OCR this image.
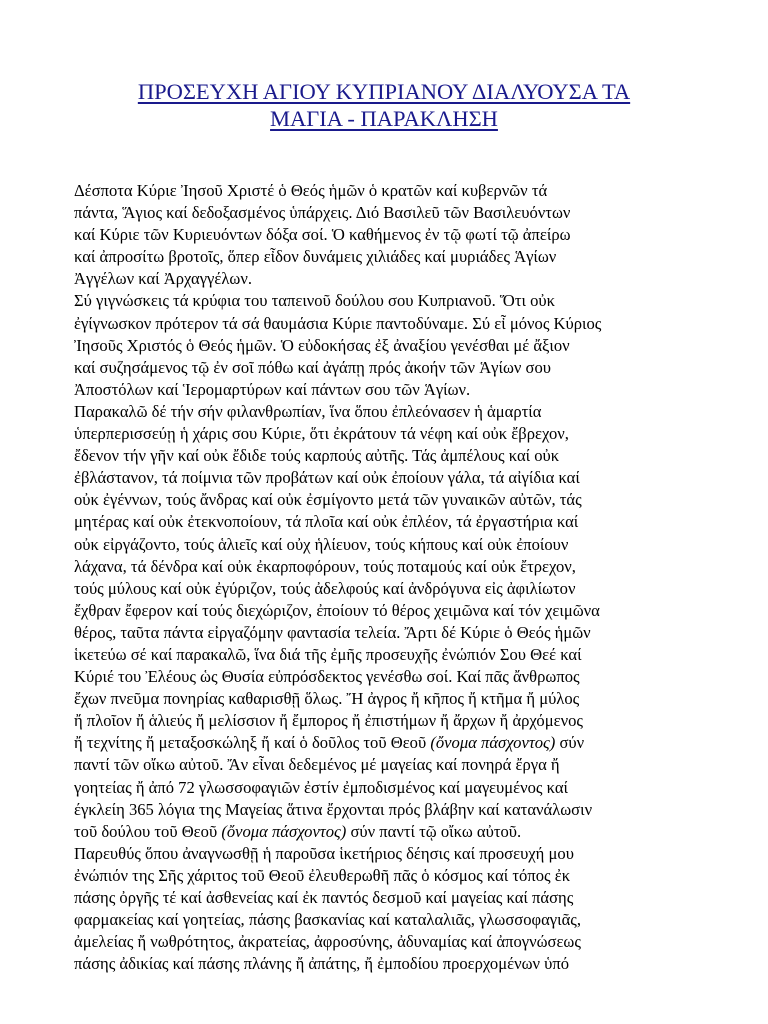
ΠΡΟΣΕΥΧΗ ΑΓΙΟΥ ΚΥΠΡΙΑΝΟΥ ΔΙΑΛΥΟΥΣΑ ΤΑ
ΜΑΓΙΑ - ΠΑΡΑΚΛΗΣΗ
Δέσποτα Κύριε Ἰησοῦ Χριστέ ὁ Θεός ἡμῶν ὁ κρατῶν καί κυβερνῶν τά
πάντα, Ἅγιος καί δεδοξασμένος ὑπάρχεις. Διό Βασιλεῦ τῶν Βασιλευόντων
καί Κύριε τῶν Κυριευόντων δόξα σοί. Ὁ καθήμενος ἐν τῷ φωτί τῷ ἀπείρω
καί ἀπροσίτω βροτοῖς, ὅπερ εἶδον δυνάμεις χιλιάδες καί μυριάδες Ἁγίων
Ἀγγέλων καί Ἀρχαγγέλων.
Σύ γιγνώσκεις τά κρύφια του ταπεινοῦ δούλου σου Κυπριανοῦ. Ὅτι οὐκ
ἐγίγνωσκον πρότερον τά σά θαυμάσια Κύριε παντοδύναμε. Σύ εἶ μόνος Κύριος
Ἰησοῦς Χριστός ὁ Θεός ἡμῶν. Ὁ εὐδοκήσας ἐξ ἀναξίου γενέσθαι μέ ἄξιον
καί συζησάμενος τῷ ἐν σοῖ πόθω καί ἀγάπῃ πρός ἀκοήν τῶν Ἁγίων σου
Ἀποστόλων καί Ἱερομαρτύρων καί πάντων σου τῶν Ἁγίων.
Παρακαλῶ δέ τήν σήν φιλανθρωπίαν, ἵνα ὅπου ἐπλεόνασεν ἡ ἁμαρτία
ὑπερπερισσεύῃ ἡ χάρις σου Κύριε, ὅτι ἐκράτουν τά νέφη καί οὐκ ἔβρεχον,
ἔδενον τήν γῆν καί οὐκ ἔδιδε τούς καρπούς αὐτῆς. Τάς ἀμπέλους καί οὐκ
ἐβλάστανον, τά ποίμνια τῶν προβάτων καί οὐκ ἐποίουν γάλα, τά αἰγίδια καί
οὐκ ἐγέννων, τούς ἄνδρας καί οὐκ ἐσμίγοντο μετά τῶν γυναικῶν αὐτῶν, τάς
μητέρας καί οὐκ ἐτεκνοποίουν, τά πλοῖα καί οὐκ ἐπλέον, τά ἐργαστήρια καί
οὐκ εἰργάζοντο, τούς ἁλιεῖς καί οὐχ ἡλίευον, τούς κήπους καί οὐκ ἐποίουν
λάχανα, τά δένδρα καί οὐκ ἐκαρποφόρουν, τούς ποταμούς καί οὐκ ἔτρεχον,
τούς μύλους καί οὐκ ἐγύριζον, τούς ἀδελφούς καί ἀνδρόγυνα εἰς ἀφιλίωτον
ἔχθραν ἔφερον καί τούς διεχώριζον, ἐποίουν τό θέρος χειμῶνα καί τόν χειμῶνα
θέρος, ταῦτα πάντα εἰργαζόμην φαντασία τελεία. Ἄρτι δέ Κύριε ὁ Θεός ἡμῶν
ἱκετεύω σέ καί παρακαλῶ, ἵνα διά τῆς ἐμῆς προσευχῆς ἐνώπιόν Σου Θεέ καί
Κύριέ του Ἐλέους ὡς Θυσία εὐπρόσδεκτος γενέσθω σοί. Καί πᾶς ἄνθρωπος
ἔχων πνεῦμα πονηρίας καθαρισθῇ ὅλως. Ἤ ἀγρος ἤ κῆπος ἤ κτῆμα ἤ μύλος
ἤ πλοῖον ἤ ἁλιεύς ἤ μελίσσιον ἤ ἔμπορος ἤ ἐπιστήμων ἤ ἄρχων ἤ ἀρχόμενος
ἤ τεχνίτης ἤ μεταξοσκώληξ ἤ καί ὁ δοῦλος τοῦ Θεοῦ (ὄνομα πάσχοντος) σύν
παντί τῶν οἴκω αὐτοῦ. Ἄν εἶναι δεδεμένος μέ μαγείας καί πονηρά ἔργα ἤ
γοητείας ἤ ἀπό 72 γλωσσοφαγιῶν ἐστίν ἐμποδισμένος καί μαγευμένος καί
έγκλείη 365 λόγια της Μαγείας ἅτινα ἔρχονται πρός βλάβην καί κατανάλωσιν
τοῦ δούλου τοῦ Θεοῦ (ὄνομα πάσχοντος) σύν παντί τῷ οἴκω αὐτοῦ.
Παρευθύς ὅπου ἀναγνωσθῇ ἡ παροῦσα ἱκετήριος δέησις καί προσευχή μου
ἐνώπιόν της Σῆς χάριτος τοῦ Θεοῦ ἐλευθερωθῆ πᾶς ὁ κόσμος καί τόπος ἐκ
πάσης ὀργῆς τέ καί ἀσθενείας καί ἐκ παντός δεσμοῦ καί μαγείας καί πάσης
φαρμακείας καί γοητείας, πάσης βασκανίας καί καταλαλιᾶς, γλωσσοφαγιᾶς,
ἀμελείας ἤ νωθρότητος, ἀκρατείας, ἀφροσύνης, ἀδυναμίας καί ἀπογνώσεως
πάσης ἀδικίας καί πάσης πλάνης ἤ ἀπάτης, ἤ ἐμποδίου προερχομένων ὑπό
